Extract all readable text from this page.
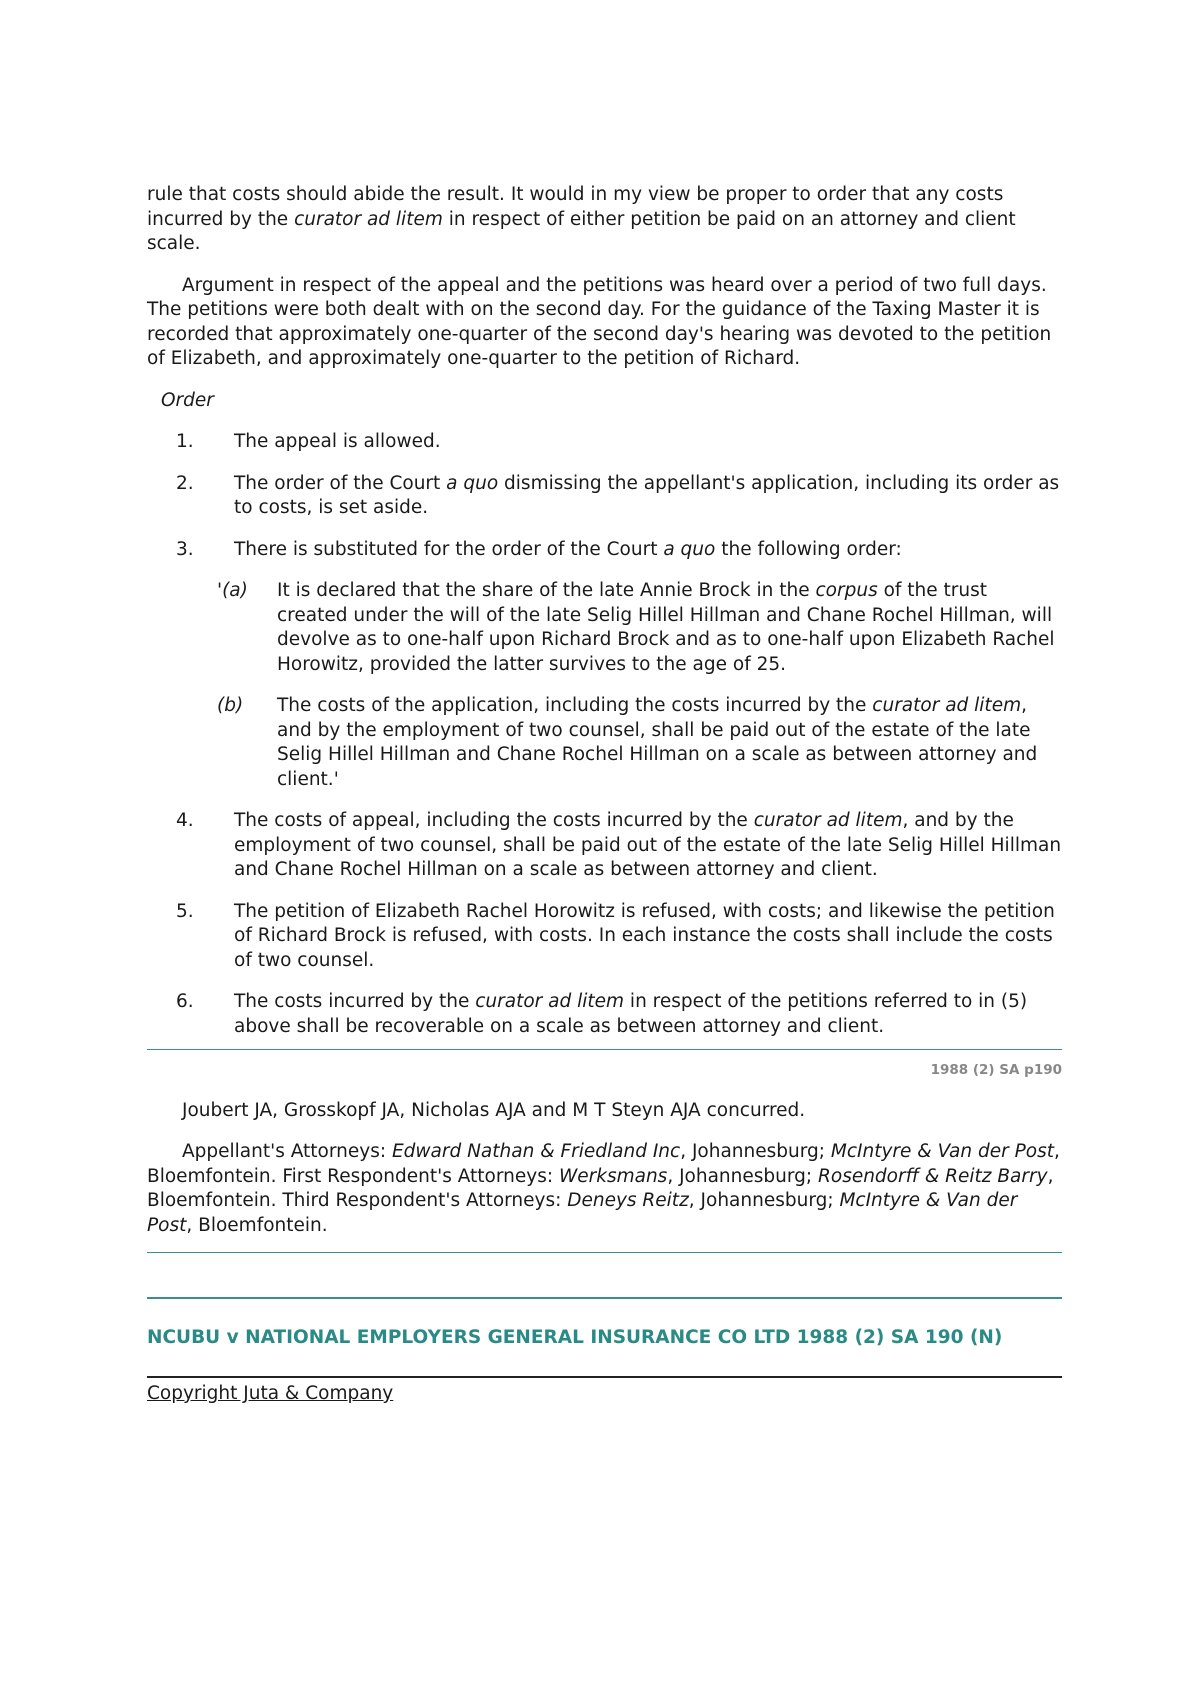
rule that costs should abide the result. It would in my view be proper to order that any costs incurred by the curator ad litem in respect of either petition be paid on an attorney and client scale.

Argument in respect of the appeal and the petitions was heard over a period of two full days. The petitions were both dealt with on the second day. For the guidance of the Taxing Master it is recorded that approximately one-quarter of the second day's hearing was devoted to the petition of Elizabeth, and approximately one-quarter to the petition of Richard.

Order

1.	The appeal is allowed.
2.	The order of the Court a quo dismissing the appellant's application, including its order as to costs, is set aside.
3.	There is substituted for the order of the Court a quo the following order:
'(a)	It is declared that the share of the late Annie Brock in the corpus of the trust created under the will of the late Selig Hillel Hillman and Chane Rochel Hillman, will devolve as to one-half upon Richard Brock and as to one-half upon Elizabeth Rachel Horowitz, provided the latter survives to the age of 25.
(b)	The costs of the application, including the costs incurred by the curator ad litem, and by the employment of two counsel, shall be paid out of the estate of the late Selig Hillel Hillman and Chane Rochel Hillman on a scale as between attorney and client.'
4.	The costs of appeal, including the costs incurred by the curator ad litem, and by the employment of two counsel, shall be paid out of the estate of the late Selig Hillel Hillman and Chane Rochel Hillman on a scale as between attorney and client.
5.	The petition of Elizabeth Rachel Horowitz is refused, with costs; and likewise the petition of Richard Brock is refused, with costs. In each instance the costs shall include the costs of two counsel.
6.	The costs incurred by the curator ad litem in respect of the petitions referred to in (5) above shall be recoverable on a scale as between attorney and client.

1988 (2) SA p190

Joubert JA, Grosskopf JA, Nicholas AJA and M T Steyn AJA concurred.

Appellant's Attorneys: Edward Nathan & Friedland Inc, Johannesburg; McIntyre & Van der Post, Bloemfontein. First Respondent's Attorneys: Werksmans, Johannesburg; Rosendorff & Reitz Barry, Bloemfontein. Third Respondent's Attorneys: Deneys Reitz, Johannesburg; McIntyre & Van der Post, Bloemfontein.

NCUBU v NATIONAL EMPLOYERS GENERAL INSURANCE CO LTD 1988 (2) SA 190 (N)

Copyright Juta & Company
